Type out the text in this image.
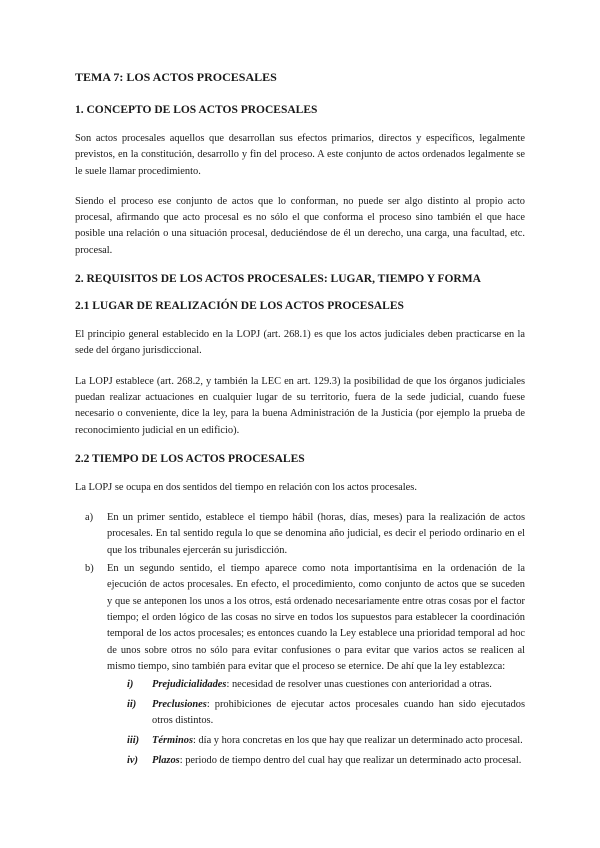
TEMA 7: LOS ACTOS PROCESALES
1. CONCEPTO DE LOS ACTOS PROCESALES

Son actos procesales aquellos que desarrollan sus efectos primarios, directos y específicos, legalmente previstos, en la constitución, desarrollo y fin del proceso. A este conjunto de actos ordenados legalmente se le suele llamar procedimiento.

Siendo el proceso ese conjunto de actos que lo conforman, no puede ser algo distinto al propio acto procesal, afirmando que acto procesal es no sólo el que conforma el proceso sino también el que hace posible una relación o una situación procesal, deduciéndose de él un derecho, una carga, una facultad, etc. procesal.

2. REQUISITOS DE LOS ACTOS PROCESALES: LUGAR, TIEMPO Y FORMA
2.1 LUGAR DE REALIZACIÓN DE LOS ACTOS PROCESALES

El principio general establecido en la LOPJ (art. 268.1) es que los actos judiciales deben practicarse en la sede del órgano jurisdiccional.

La LOPJ establece (art. 268.2, y también la LEC en art. 129.3) la posibilidad de que los órganos judiciales puedan realizar actuaciones en cualquier lugar de su territorio, fuera de la sede judicial, cuando fuese necesario o conveniente, dice la ley, para la buena Administración de la Justicia (por ejemplo la prueba de reconocimiento judicial en un edificio).

2.2 TIEMPO DE LOS ACTOS PROCESALES

La LOPJ se ocupa en dos sentidos del tiempo en relación con los actos procesales.

a) En un primer sentido, establece el tiempo hábil (horas, días, meses) para la realización de actos procesales. En tal sentido regula lo que se denomina año judicial, es decir el periodo ordinario en el que los tribunales ejercerán su jurisdicción.
b) En un segundo sentido, el tiempo aparece como nota importantísima en la ordenación de la ejecución de actos procesales. En efecto, el procedimiento, como conjunto de actos que se suceden y que se anteponen los unos a los otros, está ordenado necesariamente entre otras cosas por el factor tiempo; el orden lógico de las cosas no sirve en todos los supuestos para establecer la coordinación temporal de los actos procesales; es entonces cuando la Ley establece una prioridad temporal ad hoc de unos sobre otros no sólo para evitar confusiones o para evitar que varios actos se realicen al mismo tiempo, sino también para evitar que el proceso se eternice. De ahí que la ley establezca:
i) Prejudicialidades: necesidad de resolver unas cuestiones con anterioridad a otras.
ii) Preclusiones: prohibiciones de ejecutar actos procesales cuando han sido ejecutados otros distintos.
iii) Términos: día y hora concretas en los que hay que realizar un determinado acto procesal.
iv) Plazos: periodo de tiempo dentro del cual hay que realizar un determinado acto procesal.
